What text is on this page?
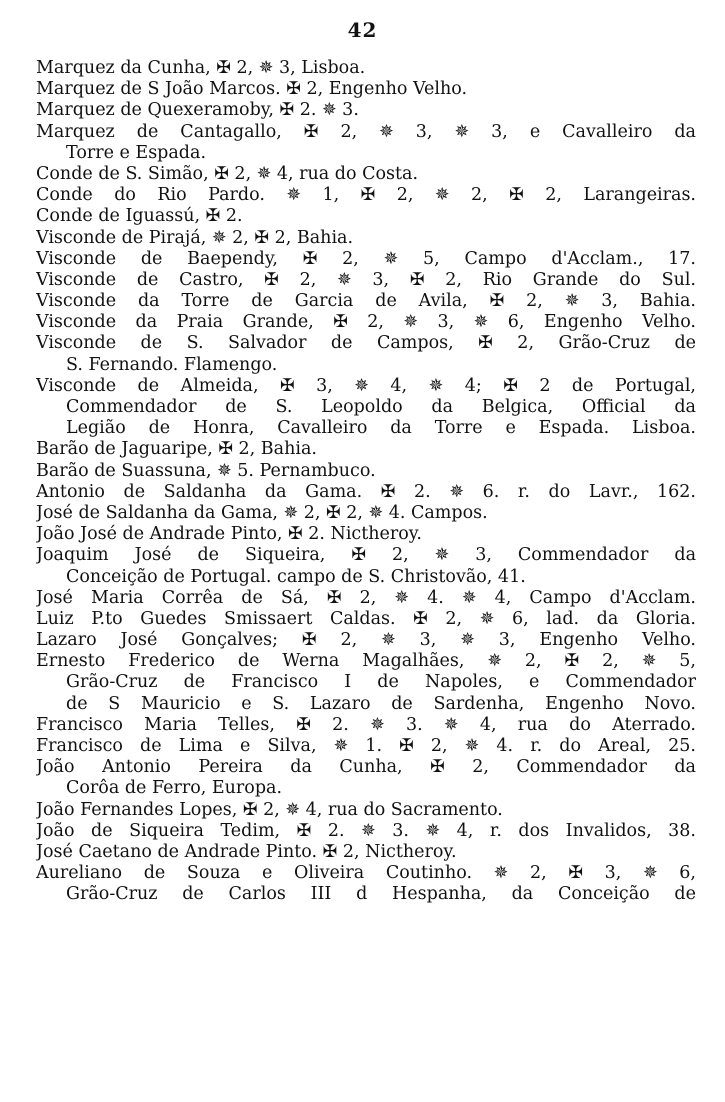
42
Marquez da Cunha, ✠ 2, ✵ 3, Lisboa.
Marquez de S João Marcos. ✠ 2, Engenho Velho.
Marquez de Quexeramoby, ✠ 2. ✵ 3.
Marquez de Cantagallo, ✠ 2, ✵ 3, ✵ 3, e Cavalleiro da
Torre e Espada.
Conde de S. Simão, ✠ 2, ✵ 4, rua do Costa.
Conde do Rio Pardo. ✵ 1, ✠ 2, ✵ 2, ✠ 2, Larangeiras.
Conde de Iguassú, ✠ 2.
Visconde de Pirajá, ✵ 2, ✠ 2, Bahia.
Visconde de Baependy, ✠ 2, ✵ 5, Campo d'Acclam., 17.
Visconde de Castro, ✠ 2, ✵ 3, ✠ 2, Rio Grande do Sul.
Visconde da Torre de Garcia de Avila, ✠ 2, ✵ 3, Bahia.
Visconde da Praia Grande, ✠ 2, ✵ 3, ✵ 6, Engenho Velho.
Visconde de S. Salvador de Campos, ✠ 2, Grão-Cruz de
S. Fernando. Flamengo.
Visconde de Almeida, ✠ 3, ✵ 4, ✵ 4; ✠ 2 de Portugal,
Commendador de S. Leopoldo da Belgica, Official da
Legião de Honra, Cavalleiro da Torre e Espada. Lisboa.
Barão de Jaguaripe, ✠ 2, Bahia.
Barão de Suassuna, ✵ 5. Pernambuco.
Antonio de Saldanha da Gama. ✠ 2. ✵ 6. r. do Lavr., 162.
José de Saldanha da Gama, ✵ 2, ✠ 2, ✵ 4. Campos.
João José de Andrade Pinto, ✠ 2. Nictheroy.
Joaquim José de Siqueira, ✠ 2, ✵ 3, Commendador da
Conceição de Portugal. campo de S. Christovão, 41.
José Maria Corrêa de Sá, ✠ 2, ✵ 4. ✵ 4, Campo d'Acclam.
Luiz P.to Guedes Smissaert Caldas. ✠ 2, ✵ 6, lad. da Gloria.
Lazaro José Gonçalves; ✠ 2, ✵ 3, ✵ 3, Engenho Velho.
Ernesto Frederico de Werna Magalhães, ✵ 2, ✠ 2, ✵ 5,
Grão-Cruz de Francisco I de Napoles, e Commendador
de S Mauricio e S. Lazaro de Sardenha, Engenho Novo.
Francisco Maria Telles, ✠ 2. ✵ 3. ✵ 4, rua do Aterrado.
Francisco de Lima e Silva, ✵ 1. ✠ 2, ✵ 4. r. do Areal, 25.
João Antonio Pereira da Cunha, ✠ 2, Commendador da
Corôa de Ferro, Europa.
João Fernandes Lopes, ✠ 2, ✵ 4, rua do Sacramento.
João de Siqueira Tedim, ✠ 2. ✵ 3. ✵ 4, r. dos Invalidos, 38.
José Caetano de Andrade Pinto. ✠ 2, Nictheroy.
Aureliano de Souza e Oliveira Coutinho. ✵ 2, ✠ 3, ✵ 6,
Grão-Cruz de Carlos III d Hespanha, da Conceição de
